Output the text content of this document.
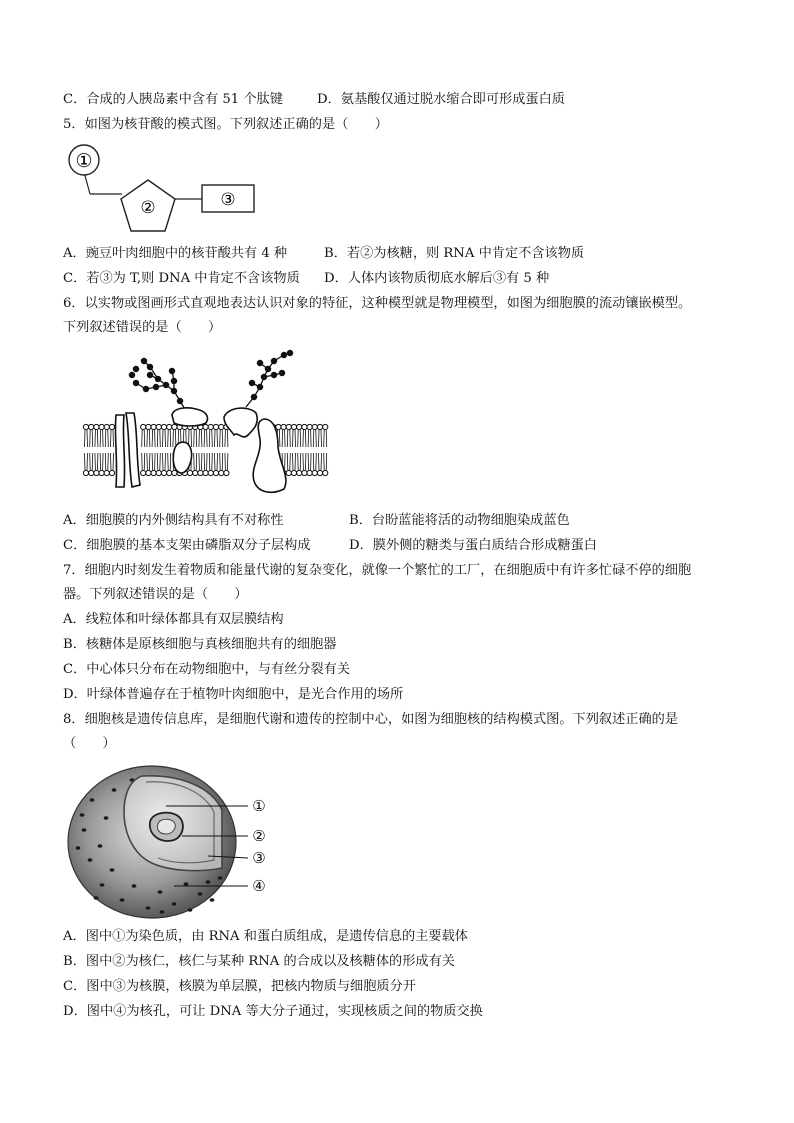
C．合成的人胰岛素中含有 51 个肽键	D．氨基酸仅通过脱水缩合即可形成蛋白质
5．如图为核苷酸的模式图。下列叙述正确的是（　　）
①
②	③
A．豌豆叶肉细胞中的核苷酸共有 4 种	B．若②为核糖，则 RNA 中肯定不含该物质
C．若③为 T,则 DNA 中肯定不含该物质 D．人体内该物质彻底水解后③有 5 种
6．以实物或图画形式直观地表达认识对象的特征，这种模型就是物理模型，如图为细胞膜的流动镶嵌模型。
下列叙述错误的是（　　）
A．细胞膜的内外侧结构具有不对称性	B．台盼蓝能将活的动物细胞染成蓝色
C．细胞膜的基本支架由磷脂双分子层构成	D．膜外侧的糖类与蛋白质结合形成糖蛋白
7．细胞内时刻发生着物质和能量代谢的复杂变化，就像一个繁忙的工厂，在细胞质中有许多忙碌不停的细胞
器。下列叙述错误的是（　　）
A．线粒体和叶绿体都具有双层膜结构
B．核糖体是原核细胞与真核细胞共有的细胞器
C．中心体只分布在动物细胞中，与有丝分裂有关
D．叶绿体普遍存在于植物叶肉细胞中，是光合作用的场所
8．细胞核是遗传信息库，是细胞代谢和遗传的控制中心，如图为细胞核的结构模式图。下列叙述正确的是
（　　）
①
②
③
④
A．图中①为染色质，由 RNA 和蛋白质组成，是遗传信息的主要载体
B．图中②为核仁，核仁与某种 RNA 的合成以及核糖体的形成有关
C．图中③为核膜，核膜为单层膜，把核内物质与细胞质分开
D．图中④为核孔，可让 DNA 等大分子通过，实现核质之间的物质交换
